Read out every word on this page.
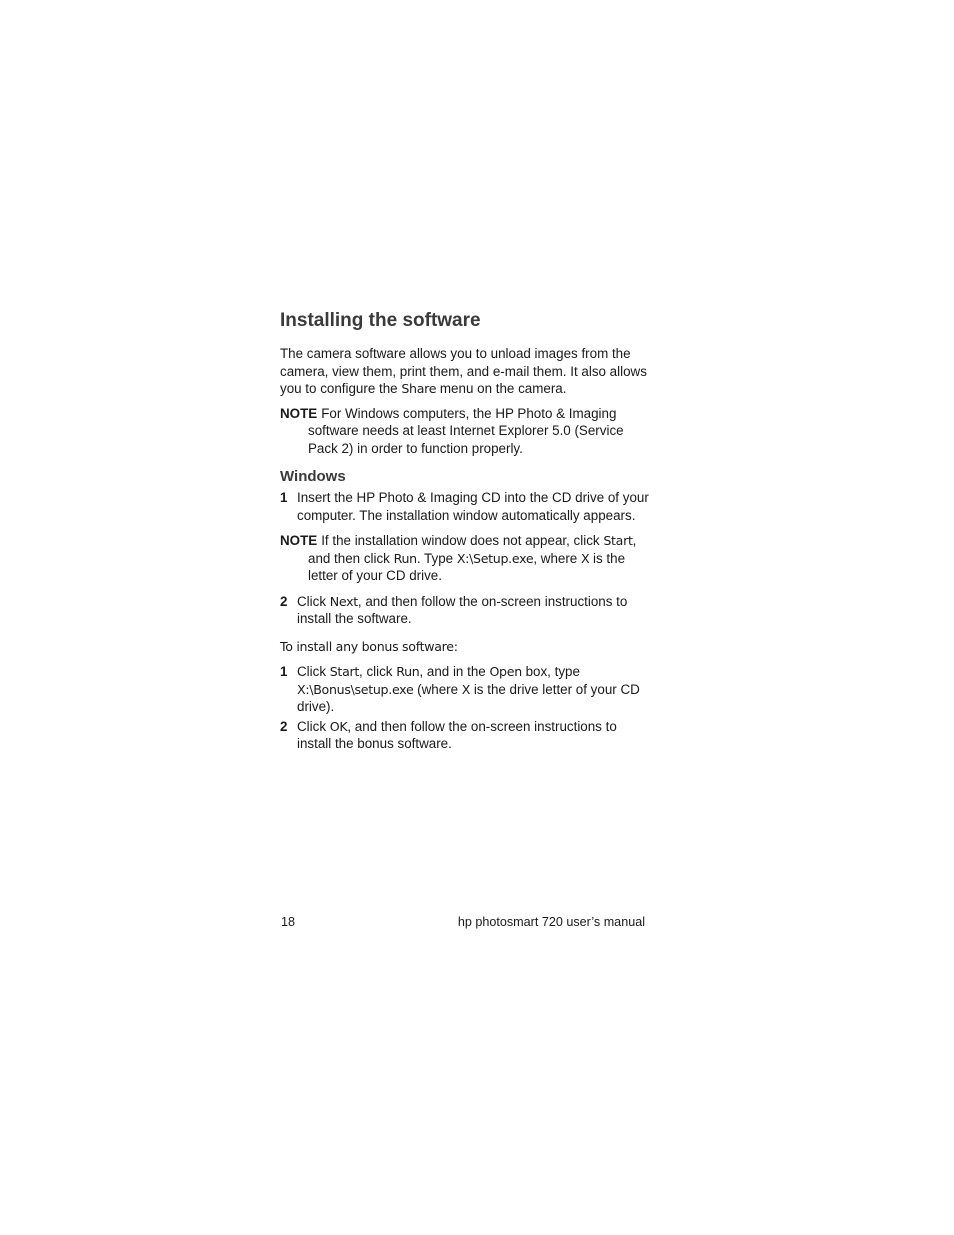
Installing the software

The camera software allows you to unload images from the camera, view them, print them, and e-mail them. It also allows you to configure the Share menu on the camera.

NOTE For Windows computers, the HP Photo & Imaging software needs at least Internet Explorer 5.0 (Service Pack 2) in order to function properly.

Windows
1 Insert the HP Photo & Imaging CD into the CD drive of your computer. The installation window automatically appears.

NOTE If the installation window does not appear, click Start, and then click Run. Type X:\Setup.exe, where X is the letter of your CD drive.

2 Click Next, and then follow the on-screen instructions to install the software.

To install any bonus software:

1 Click Start, click Run, and in the Open box, type X:\Bonus\setup.exe (where X is the drive letter of your CD drive).
2 Click OK, and then follow the on-screen instructions to install the bonus software.
18	hp photosmart 720 user’s manual
